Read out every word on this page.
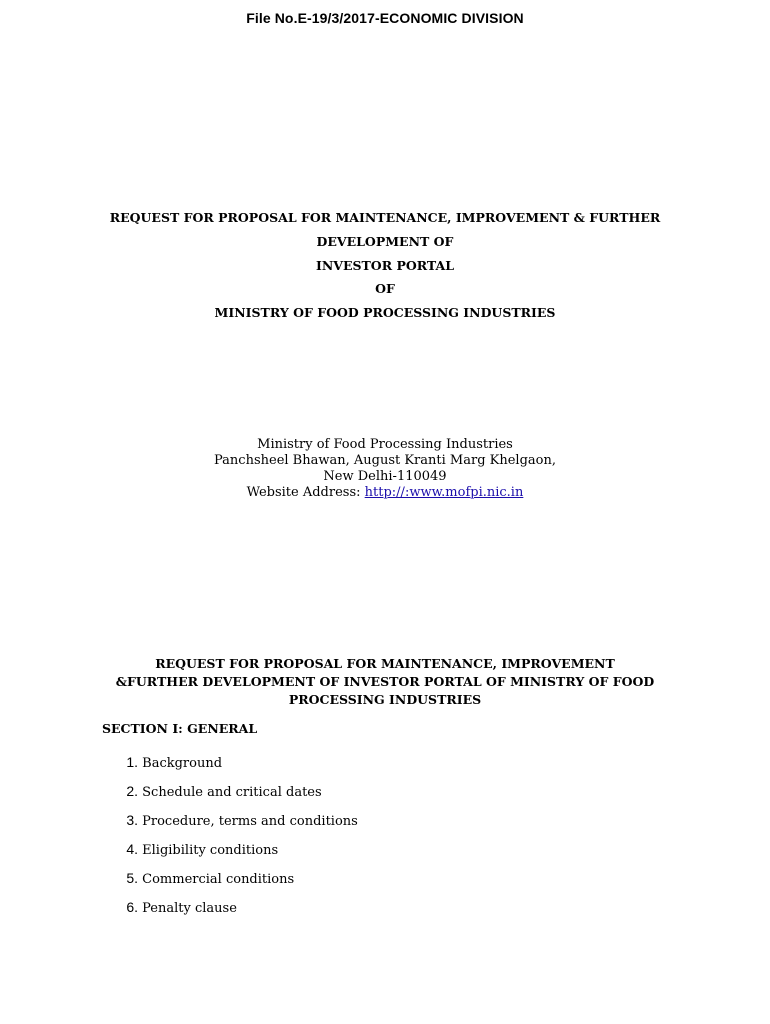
File No.E-19/3/2017-ECONOMIC DIVISION
REQUEST FOR PROPOSAL FOR MAINTENANCE, IMPROVEMENT & FURTHER
DEVELOPMENT OF
INVESTOR PORTAL
OF
MINISTRY OF FOOD PROCESSING INDUSTRIES
Ministry of Food Processing Industries
Panchsheel Bhawan, August Kranti Marg Khelgaon,
New Delhi-110049
Website Address: http://:www.mofpi.nic.in
REQUEST FOR PROPOSAL FOR MAINTENANCE, IMPROVEMENT
&FURTHER DEVELOPMENT OF INVESTOR PORTAL OF MINISTRY OF FOOD
PROCESSING INDUSTRIES
SECTION I: GENERAL
1. Background
2. Schedule and critical dates
3. Procedure, terms and conditions
4. Eligibility conditions
5. Commercial conditions
6. Penalty clause
